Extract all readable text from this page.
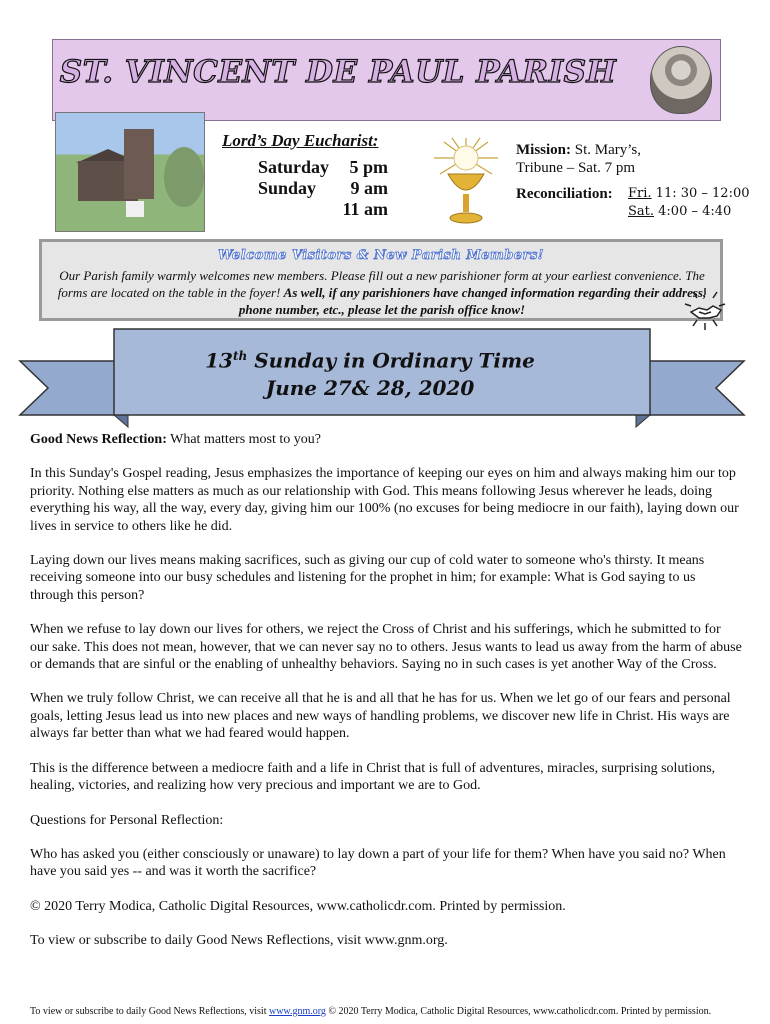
ST. VINCENT DE PAUL PARISH
Lord’s Day Eucharist:
Saturday 5 pm
Sunday 9 am
11 am
Mission: St. Mary’s,
Tribune – Sat. 7 pm
Reconciliation: Fri. 11: 30 – 12:00
Sat. 4:00 – 4:40
Welcome Visitors & New Parish Members!
Our Parish family warmly welcomes new members. Please fill out a new parishioner form at your earliest convenience. The forms are located on the table in the foyer! As well, if any parishioners have changed information regarding their address, phone number, etc., please let the parish office know!
13th Sunday in Ordinary Time
June 27& 28, 2020

Good News Reflection: What matters most to you?

In this Sunday's Gospel reading, Jesus emphasizes the importance of keeping our eyes on him and always making him our top priority. Nothing else matters as much as our relationship with God. This means following Jesus wherever he leads, doing everything his way, all the way, every day, giving him our 100% (no excuses for being mediocre in our faith), laying down our lives in service to others like he did.

Laying down our lives means making sacrifices, such as giving our cup of cold water to someone who's thirsty. It means receiving someone into our busy schedules and listening for the prophet in him; for example: What is God saying to us through this person?

When we refuse to lay down our lives for others, we reject the Cross of Christ and his sufferings, which he submitted to for our sake. This does not mean, however, that we can never say no to others. Jesus wants to lead us away from the harm of abuse or demands that are sinful or the enabling of unhealthy behaviors. Saying no in such cases is yet another Way of the Cross.

When we truly follow Christ, we can receive all that he is and all that he has for us. When we let go of our fears and personal goals, letting Jesus lead us into new places and new ways of handling problems, we discover new life in Christ. His ways are always far better than what we had feared would happen.

This is the difference between a mediocre faith and a life in Christ that is full of adventures, miracles, surprising solutions, healing, victories, and realizing how very precious and important we are to God.

Questions for Personal Reflection:

Who has asked you (either consciously or unaware) to lay down a part of your life for them? When have you said no? When have you said yes -- and was it worth the sacrifice?

© 2020 Terry Modica, Catholic Digital Resources, www.catholicdr.com. Printed by permission.

To view or subscribe to daily Good News Reflections, visit www.gnm.org.

To view or subscribe to daily Good News Reflections, visit www.gnm.org © 2020 Terry Modica, Catholic Digital Resources, www.catholicdr.com. Printed by permission.
